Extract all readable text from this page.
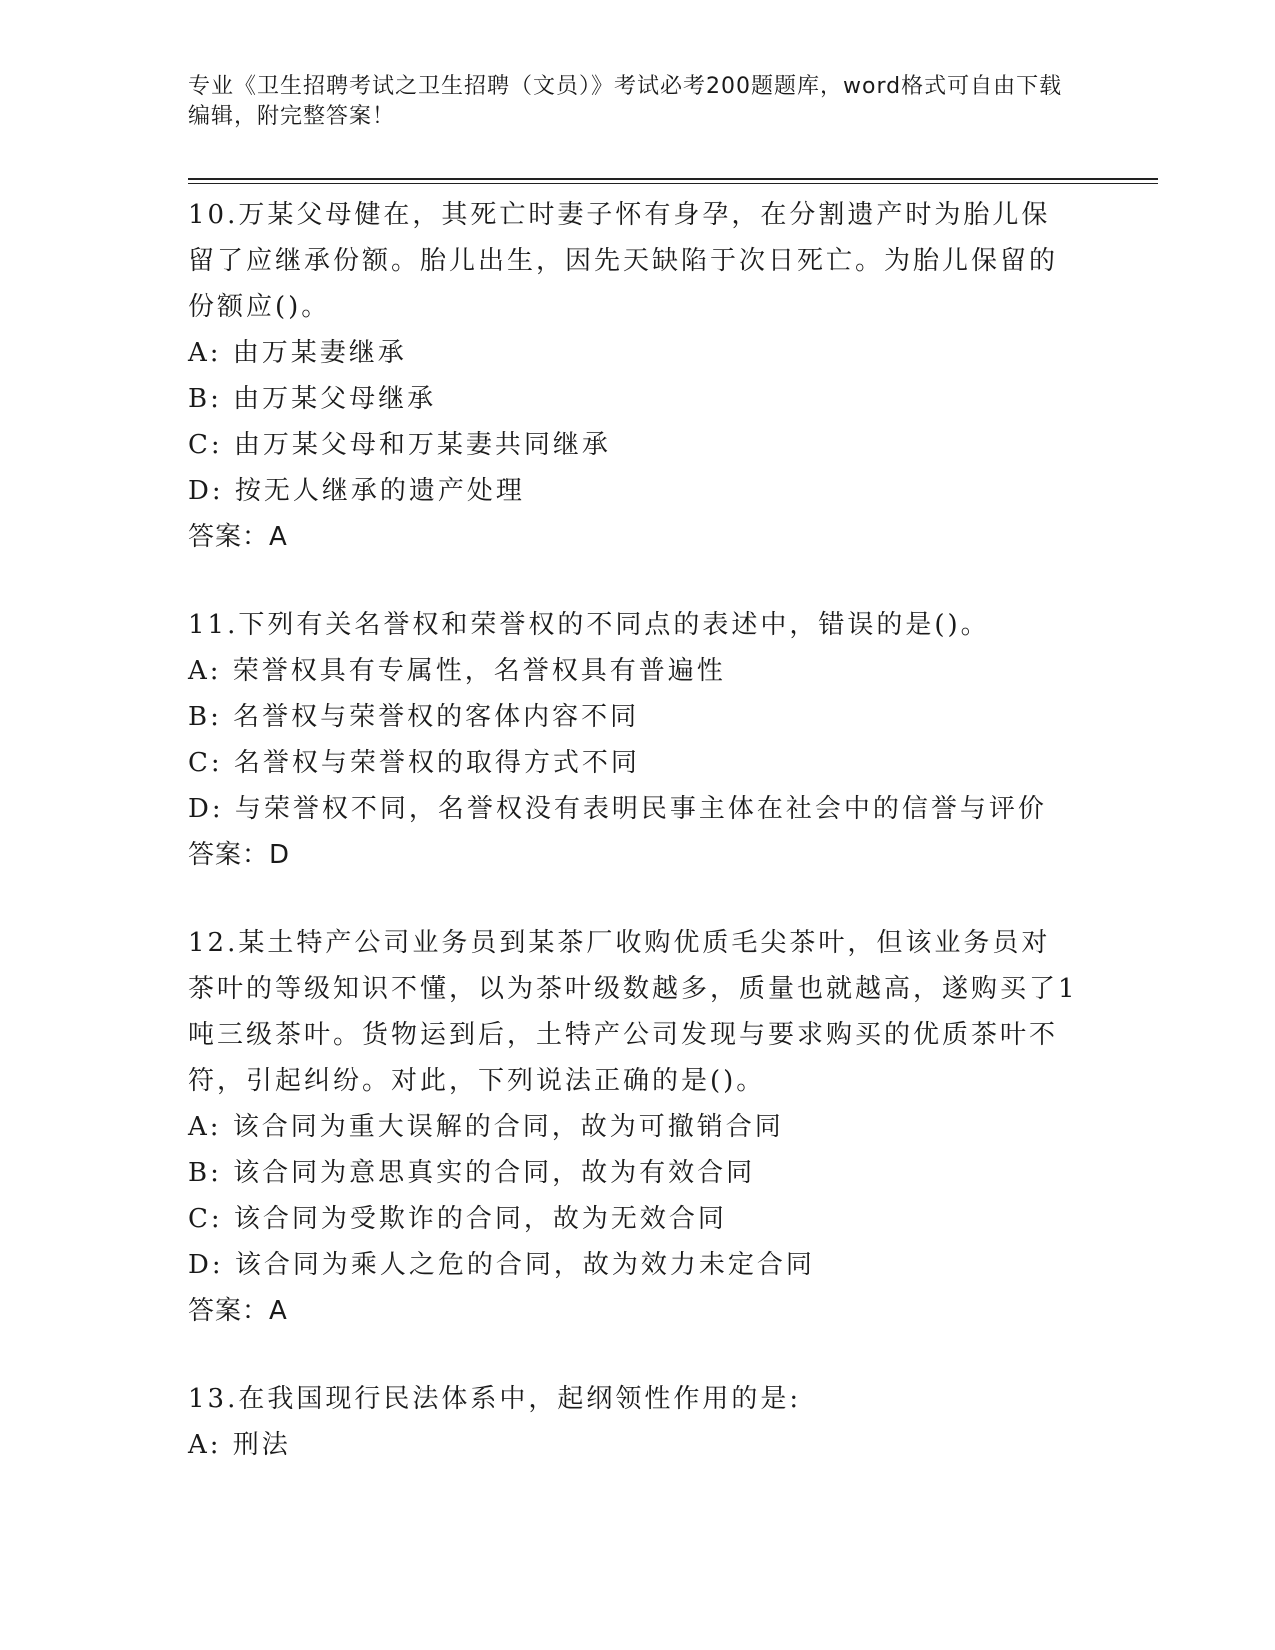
专业《卫生招聘考试之卫生招聘（文员）》考试必考200题题库，word格式可自由下载编辑，附完整答案！

10.万某父母健在，其死亡时妻子怀有身孕，在分割遗产时为胎儿保留了应继承份额。胎儿出生，因先天缺陷于次日死亡。为胎儿保留的份额应()。

A: 由万某妻继承

B: 由万某父母继承

C: 由万某父母和万某妻共同继承

D: 按无人继承的遗产处理

答案：A

11.下列有关名誉权和荣誉权的不同点的表述中，错误的是()。

A: 荣誉权具有专属性，名誉权具有普遍性

B: 名誉权与荣誉权的客体内容不同

C: 名誉权与荣誉权的取得方式不同

D: 与荣誉权不同，名誉权没有表明民事主体在社会中的信誉与评价

答案：D

12.某土特产公司业务员到某茶厂收购优质毛尖茶叶，但该业务员对茶叶的等级知识不懂，以为茶叶级数越多，质量也就越高，遂购买了1吨三级茶叶。货物运到后，土特产公司发现与要求购买的优质茶叶不符，引起纠纷。对此，下列说法正确的是()。

A: 该合同为重大误解的合同，故为可撤销合同

B: 该合同为意思真实的合同，故为有效合同

C: 该合同为受欺诈的合同，故为无效合同

D: 该合同为乘人之危的合同，故为效力未定合同

答案：A

13.在我国现行民法体系中，起纲领性作用的是:

A: 刑法
